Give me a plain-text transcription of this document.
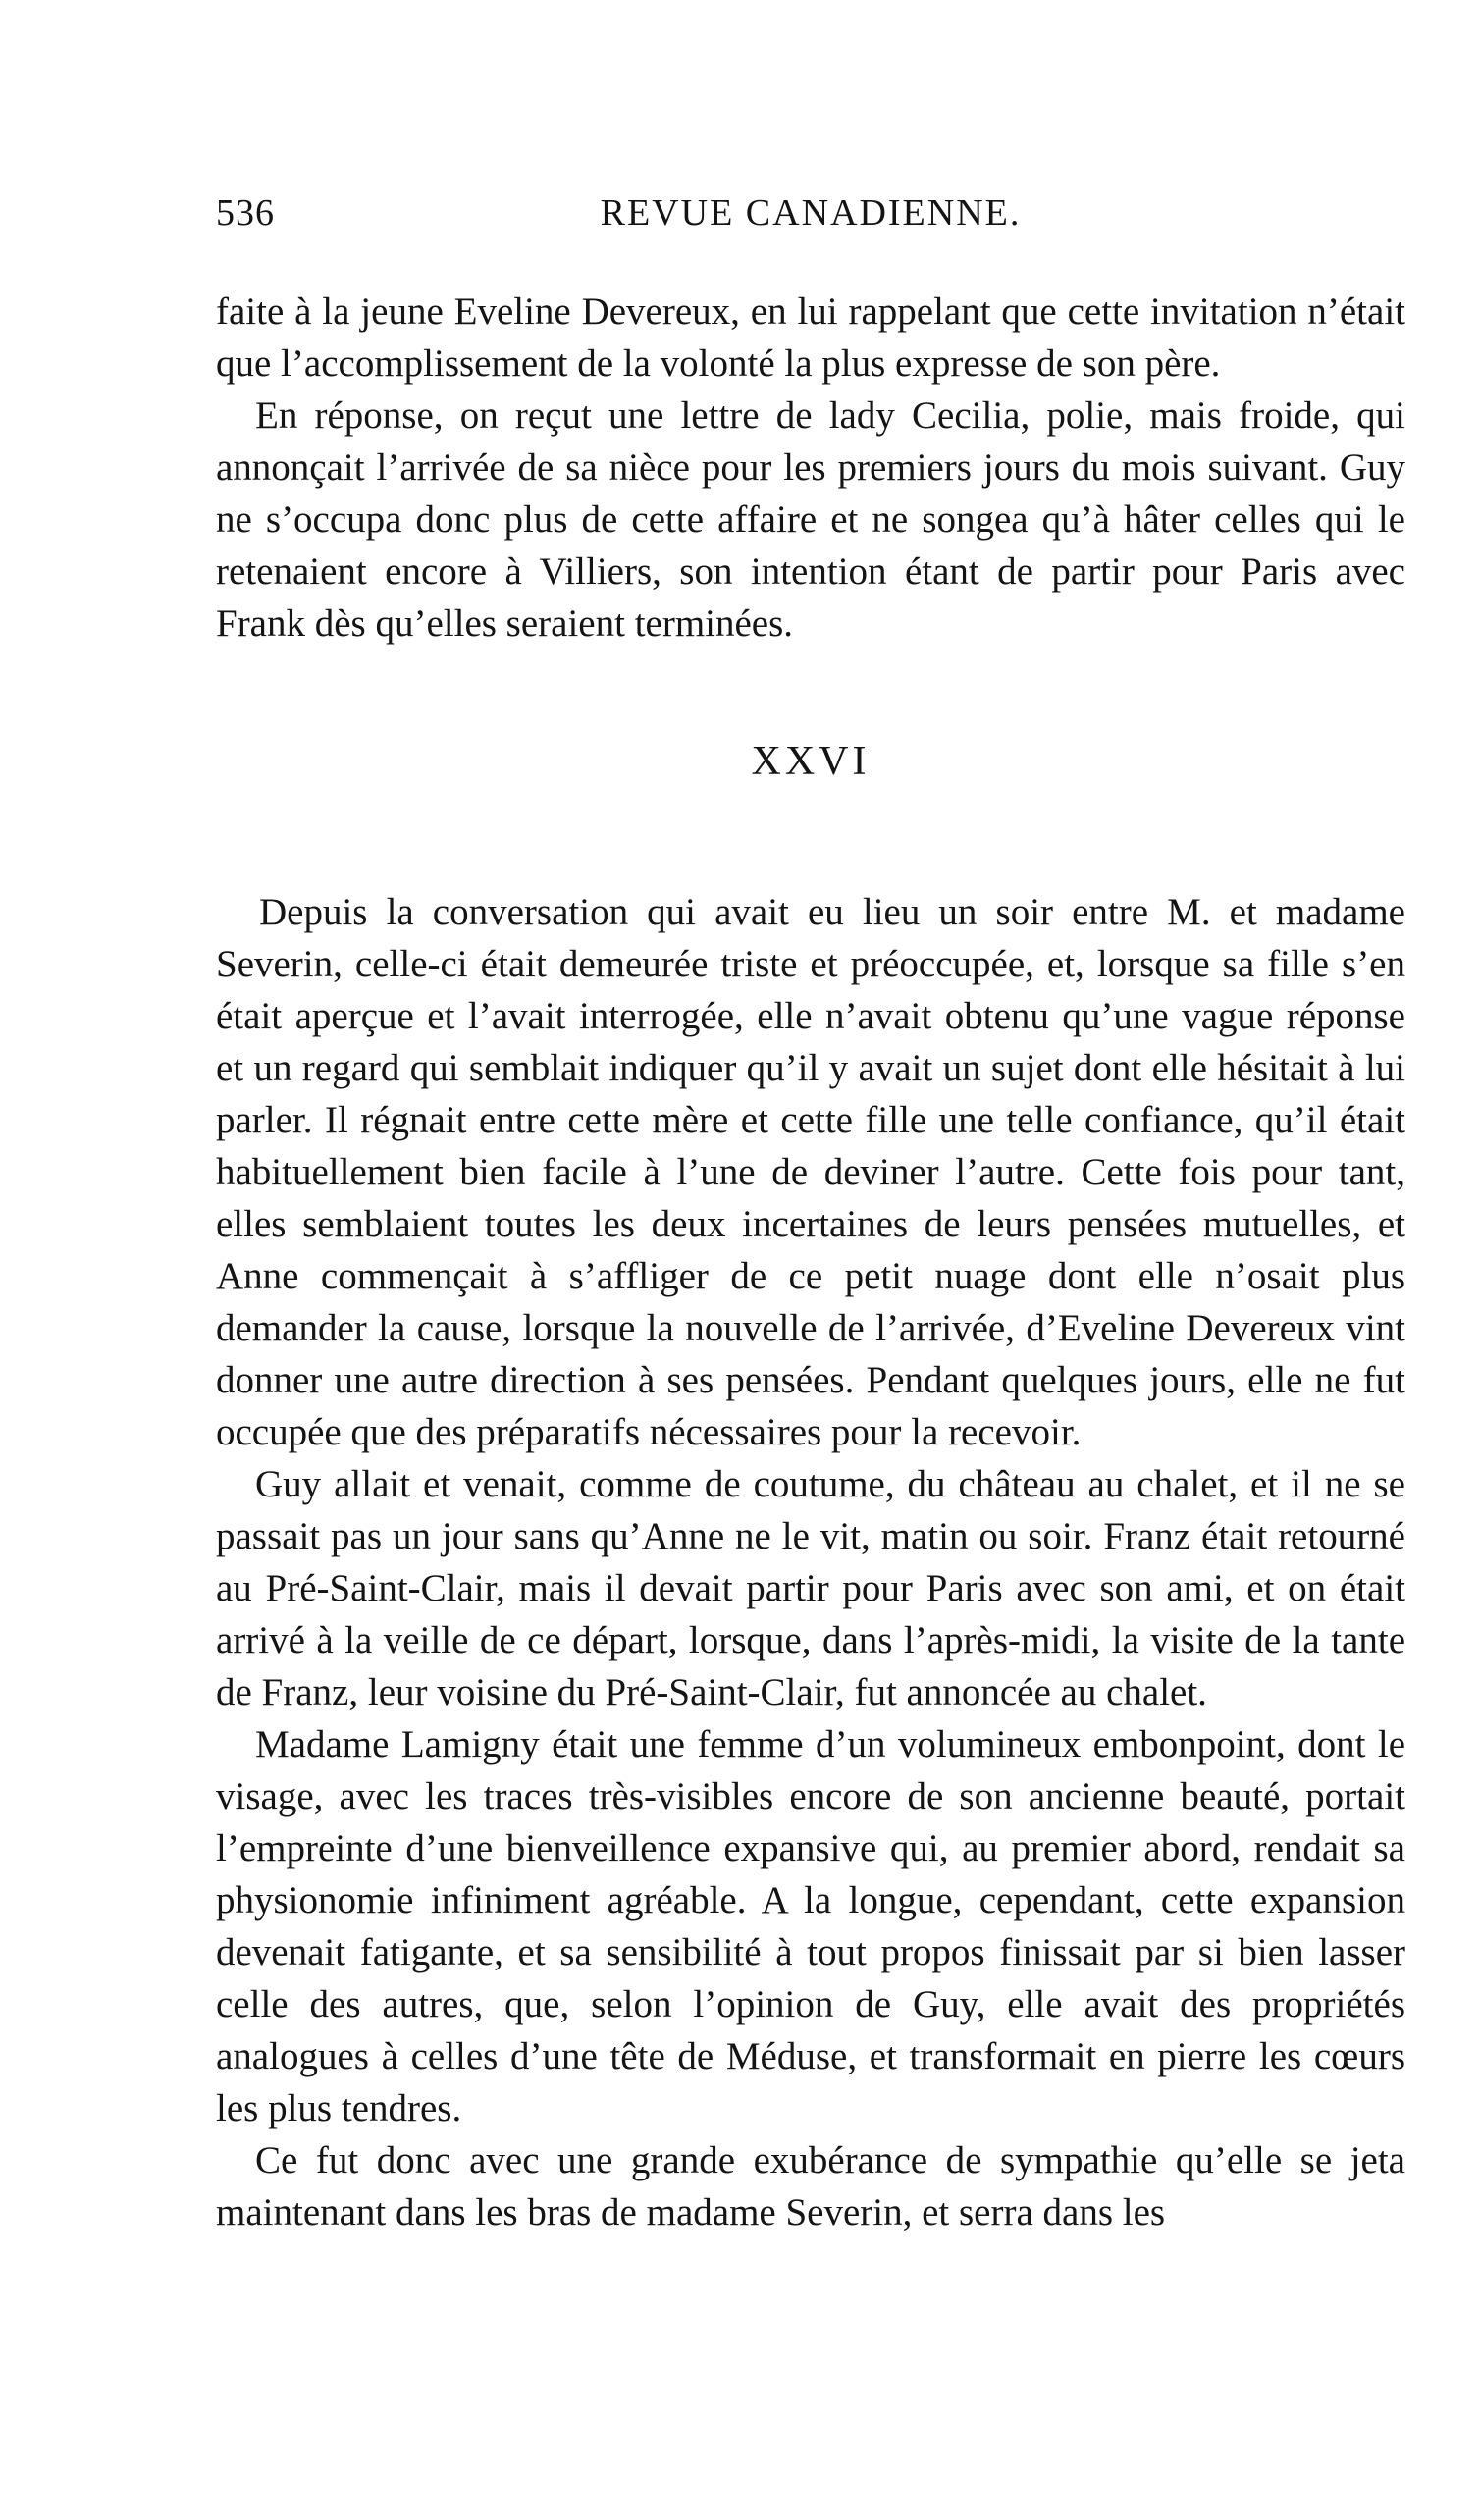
536	REVUE CANADIENNE.

faite à la jeune Eveline Devereux, en lui rappelant que cette invitation n’était que l’accomplissement de la volonté la plus expresse de son père.

En réponse, on reçut une lettre de lady Cecilia, polie, mais froide, qui annonçait l’arrivée de sa nièce pour les premiers jours du mois suivant. Guy ne s’occupa donc plus de cette affaire et ne songea qu’à hâter celles qui le retenaient encore à Villiers, son intention étant de partir pour Paris avec Frank dès qu’elles seraient terminées.

XXVI

Depuis la conversation qui avait eu lieu un soir entre M. et madame Severin, celle-ci était demeurée triste et préoccupée, et, lorsque sa fille s’en était aperçue et l’avait interrogée, elle n’avait obtenu qu’une vague réponse et un regard qui semblait indiquer qu’il y avait un sujet dont elle hésitait à lui parler. Il régnait entre cette mère et cette fille une telle confiance, qu’il était habituellement bien facile à l’une de deviner l’autre. Cette fois pour tant, elles semblaient toutes les deux incertaines de leurs pensées mutuelles, et Anne commençait à s’affliger de ce petit nuage dont elle n’osait plus demander la cause, lorsque la nouvelle de l’arrivée, d’Eveline Devereux vint donner une autre direction à ses pensées. Pendant quelques jours, elle ne fut occupée que des préparatifs nécessaires pour la recevoir.

Guy allait et venait, comme de coutume, du château au chalet, et il ne se passait pas un jour sans qu’Anne ne le vit, matin ou soir. Franz était retourné au Pré-Saint-Clair, mais il devait partir pour Paris avec son ami, et on était arrivé à la veille de ce départ, lorsque, dans l’après-midi, la visite de la tante de Franz, leur voisine du Pré-Saint-Clair, fut annoncée au chalet.

Madame Lamigny était une femme d’un volumineux embonpoint, dont le visage, avec les traces très-visibles encore de son ancienne beauté, portait l’empreinte d’une bienveillence expansive qui, au premier abord, rendait sa physionomie infiniment agréable. A la longue, cependant, cette expansion devenait fatigante, et sa sensibilité à tout propos finissait par si bien lasser celle des autres, que, selon l’opinion de Guy, elle avait des propriétés analogues à celles d’une tête de Méduse, et transformait en pierre les cœurs les plus tendres.

Ce fut donc avec une grande exubérance de sympathie qu’elle se jeta maintenant dans les bras de madame Severin, et serra dans les
